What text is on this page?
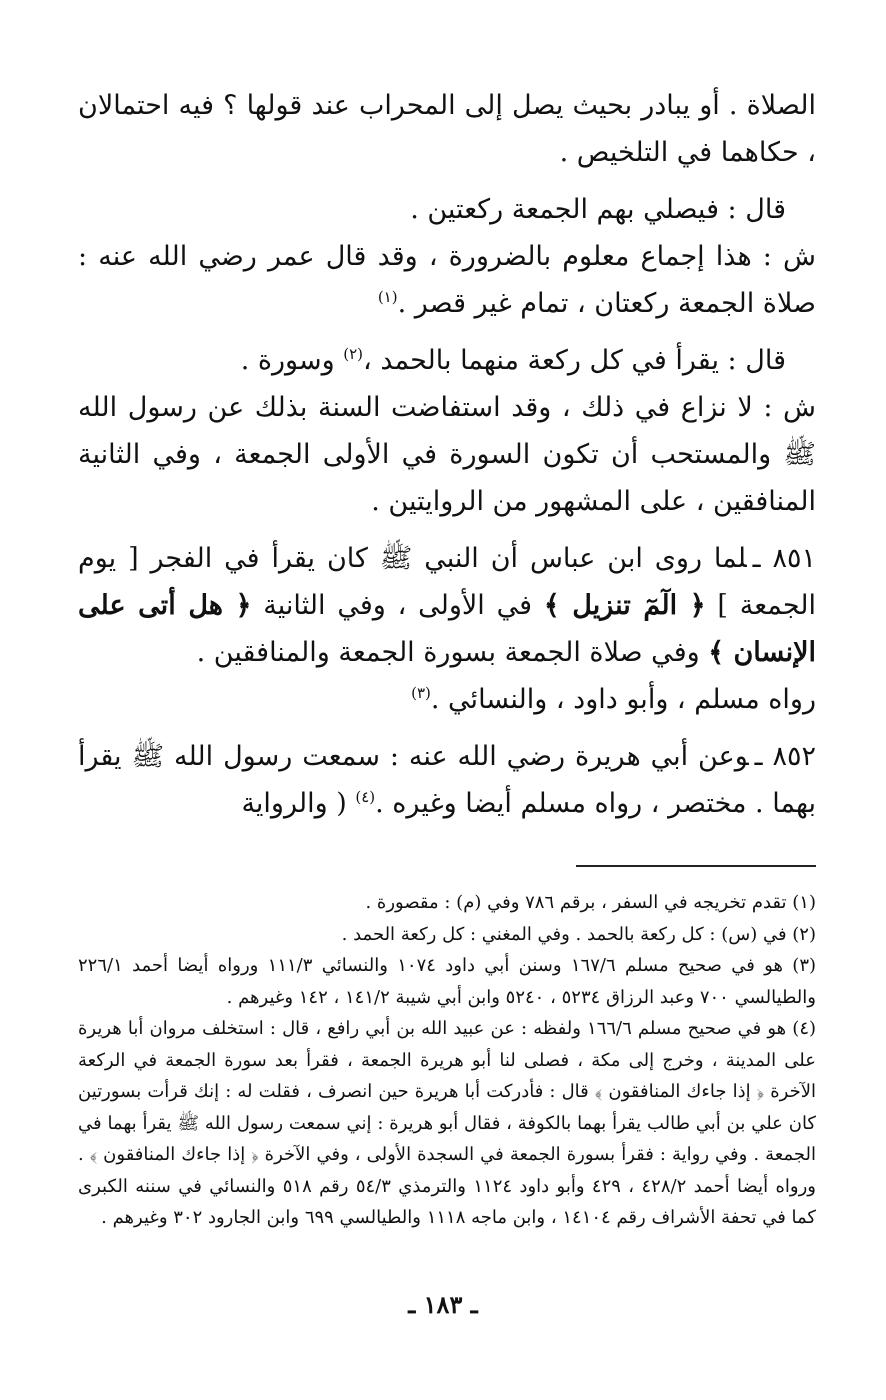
الصلاة . أو يبادر بحيث يصل إلى المحراب عند قولها ؟ فيه احتمالان ، حكاهما في التلخيص .

قال : فيصلي بهم الجمعة ركعتين .

ش : هذا إجماع معلوم بالضرورة ، وقد قال عمر رضي الله عنه : صلاة الجمعة ركعتان ، تمام غير قصر .$^{(١)}$

قال : يقرأ في كل ركعة منهما بالحمد ،$^{(٢)}$ وسورة .

ش : لا نزاع في ذلك ، وقد استفاضت السنة بذلك عن رسول الله ﷺ والمستحب أن تكون السورة في الأولى الجمعة ، وفي الثانية المنافقين ، على المشهور من الروايتين .

٨٥١ ـلما روى ابن عباس أن النبي ﷺ كان يقرأ في الفجر [ يوم الجمعة ] ﴿ الٓمٓ تنزيل ﴾ في الأولى ، وفي الثانية ﴿ هل أتى على الإنسان ﴾ وفي صلاة الجمعة بسورة الجمعة والمنافقين .

رواه مسلم ، وأبو داود ، والنسائي .$^{(٣)}$

٨٥٢ ـوعن أبي هريرة رضي الله عنه : سمعت رسول الله ﷺ يقرأ بهما . مختصر ، رواه مسلم أيضا وغيره .$^{(٤)}$ ( والرواية

(١) تقدم تخريجه في السفر ، برقم ٧٨٦ وفي (م) : مقصورة .

(٢) في (س) : كل ركعة بالحمد . وفي المغني : كل ركعة الحمد .

(٣) هو في صحيح مسلم ١٦٧/٦ وسنن أبي داود ١٠٧٤ والنسائي ١١١/٣ ورواه أيضا أحمد ٢٢٦/١ والطيالسي ٧٠٠ وعبد الرزاق ٥٢٣٤ ، ٥٢٤٠ وابن أبي شيبة ١٤١/٢ ، ١٤٢ وغيرهم .

(٤) هو في صحيح مسلم ١٦٦/٦ ولفظه : عن عبيد الله بن أبي رافع ، قال : استخلف مروان أبا هريرة على المدينة ، وخرج إلى مكة ، فصلى لنا أبو هريرة الجمعة ، فقرأ بعد سورة الجمعة في الركعة الآخرة ﴿ إذا جاءك المنافقون ﴾ قال : فأدركت أبا هريرة حين انصرف ، فقلت له : إنك قرأت بسورتين كان علي بن أبي طالب يقرأ بهما بالكوفة ، فقال أبو هريرة : إني سمعت رسول الله ﷺ يقرأ بهما في الجمعة . وفي رواية : فقرأ بسورة الجمعة في السجدة الأولى ، وفي الآخرة ﴿ إذا جاءك المنافقون ﴾ . ورواه أيضا أحمد ٤٢٨/٢ ، ٤٢٩ وأبو داود ١١٢٤ والترمذي ٥٤/٣ رقم ٥١٨ والنسائي في سننه الكبرى كما في تحفة الأشراف رقم ١٤١٠٤ ، وابن ماجه ١١١٨ والطيالسي ٦٩٩ وابن الجارود ٣٠٢ وغيرهم .

ـ ١٨٣ ـ
